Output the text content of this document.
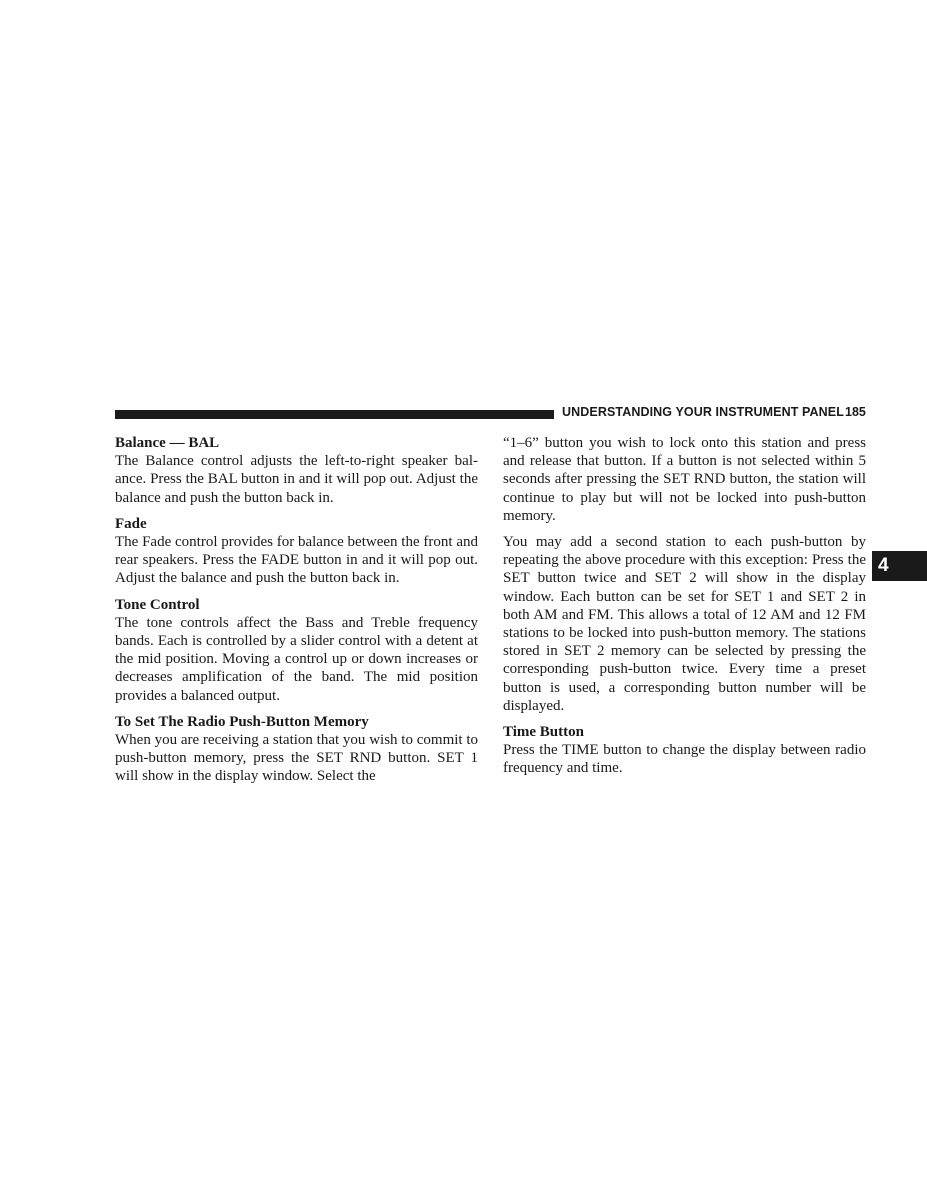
UNDERSTANDING YOUR INSTRUMENT PANEL 185
4

Balance — BAL

The Balance control adjusts the left-to-right speaker bal-ance. Press the BAL button in and it will pop out. Adjust the balance and push the button back in.

Fade

The Fade control provides for balance between the front and rear speakers. Press the FADE button in and it will pop out. Adjust the balance and push the button back in.

Tone Control

The tone controls affect the Bass and Treble frequency bands. Each is controlled by a slider control with a detent at the mid position. Moving a control up or down increases or decreases amplification of the band. The mid position provides a balanced output.

To Set The Radio Push-Button Memory

When you are receiving a station that you wish to commit to push-button memory, press the SET RND button. SET 1 will show in the display window. Select the

“1–6” button you wish to lock onto this station and press and release that button. If a button is not selected within 5 seconds after pressing the SET RND button, the station will continue to play but will not be locked into push-button memory.

You may add a second station to each push-button by repeating the above procedure with this exception: Press the SET button twice and SET 2 will show in the display window. Each button can be set for SET 1 and SET 2 in both AM and FM. This allows a total of 12 AM and 12 FM stations to be locked into push-button memory. The stations stored in SET 2 memory can be selected by pressing the corresponding push-button twice. Every time a preset button is used, a corresponding button number will be displayed.

Time Button

Press the TIME button to change the display between radio frequency and time.
